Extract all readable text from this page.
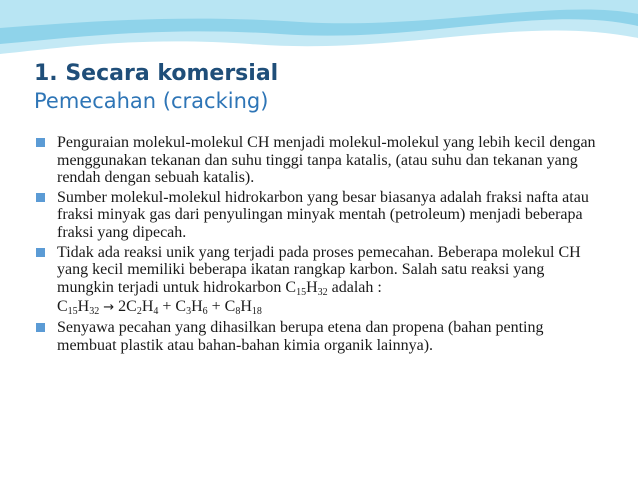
1. Secara komersial
Pemecahan (cracking)
Penguraian molekul-molekul CH menjadi molekul-molekul yang lebih kecil dengan menggunakan tekanan dan suhu tinggi tanpa katalis, (atau suhu dan tekanan yang rendah dengan sebuah katalis).
Sumber molekul-molekul hidrokarbon yang besar biasanya adalah fraksi nafta atau fraksi minyak gas dari penyulingan minyak mentah (petroleum) menjadi beberapa fraksi yang dipecah.
Tidak ada reaksi unik yang terjadi pada proses pemecahan. Beberapa molekul CH yang kecil memiliki beberapa ikatan rangkap karbon. Salah satu reaksi yang mungkin terjadi untuk hidrokarbon $C_{15}H_{32}$ adalah :
$C_{15}H_{32} \to 2C_2H_4 + C_3H_6 + C_8H_{18}$
Senyawa pecahan yang dihasilkan berupa etena dan propena (bahan penting membuat plastik atau bahan-bahan kimia organik lainnya).
